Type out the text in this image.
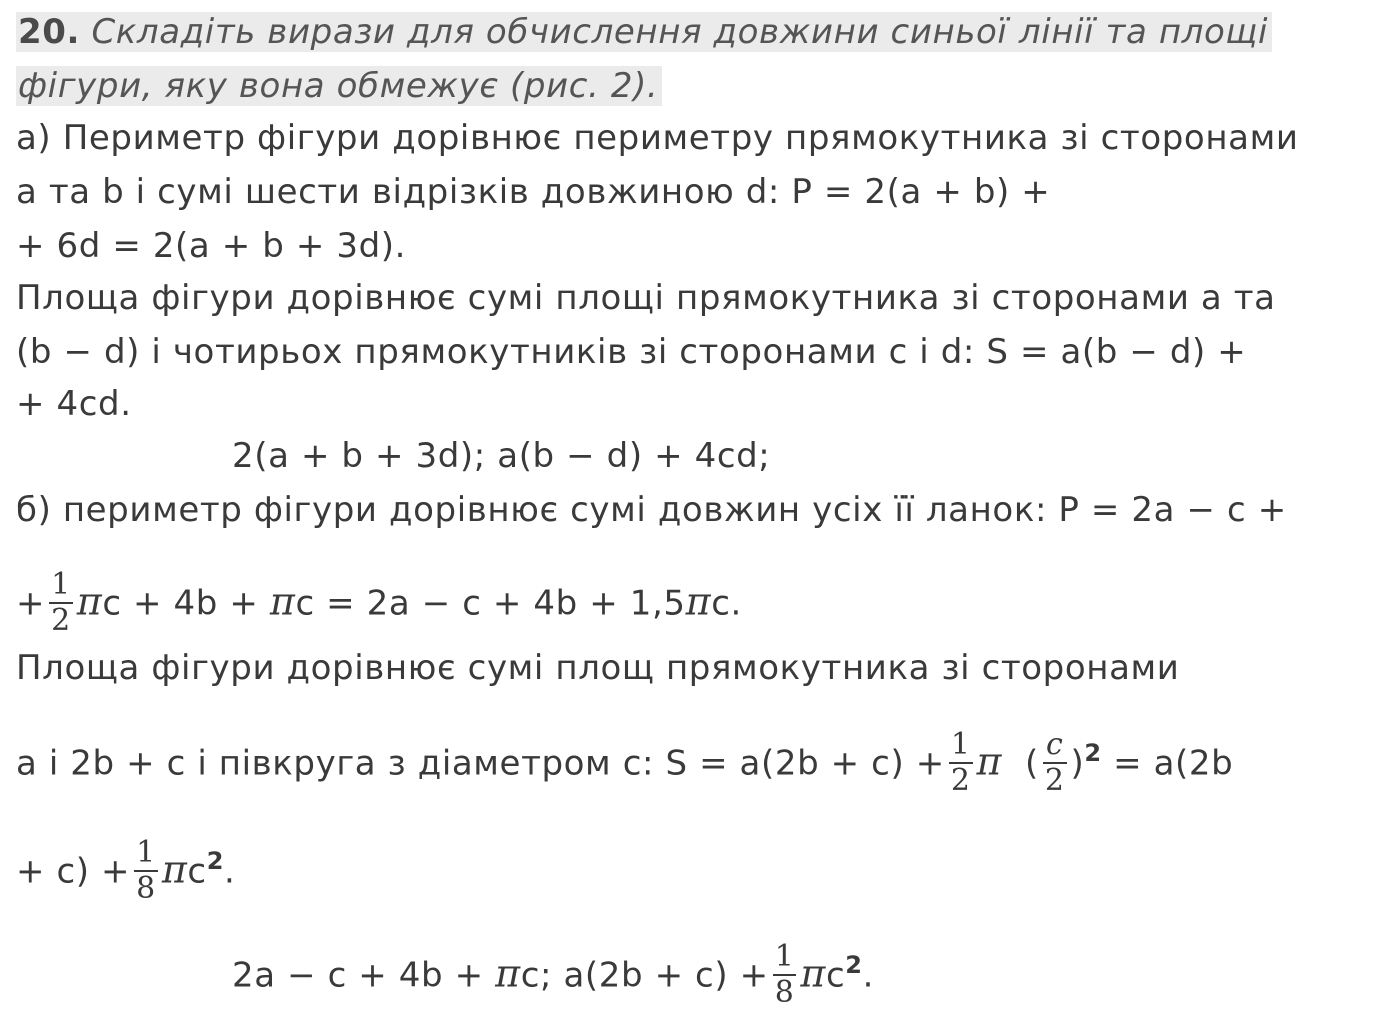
20. Складіть вирази для обчислення довжини синьої лінії та площі
фігури, яку вона обмежує (рис. 2).
а) Периметр фігури дорівнює периметру прямокутника зі сторонами
а та b і сумі шести відрізків довжиною d: P = 2(a + b) +
+ 6d = 2(a + b + 3d).
Площа фігури дорівнює сумі площі прямокутника зі сторонами а та
(b − d) і чотирьох прямокутників зі сторонами с і d: S = a(b − d) +
+ 4cd.
2(a + b + 3d); a(b − d) + 4cd;
б) периметр фігури дорівнює сумі довжин усіх її ланок: P = 2a − c +
+ $\frac{1}{2}$ πc + 4b + πc = 2a − c + 4b + 1,5πc.
Площа фігури дорівнює сумі площ прямокутника зі сторонами
а і 2b + c і півкруга з діаметром с: $S = a(2b + c) + \frac{1}{2}$ π ( $\frac{c}{2} )^2 = a(2b$
+ $c) + \frac{1}{8} \pi c^2$.
2a − c + 4b + πc; $a(2b + c) + \frac{1}{8} \pi c^2$.
